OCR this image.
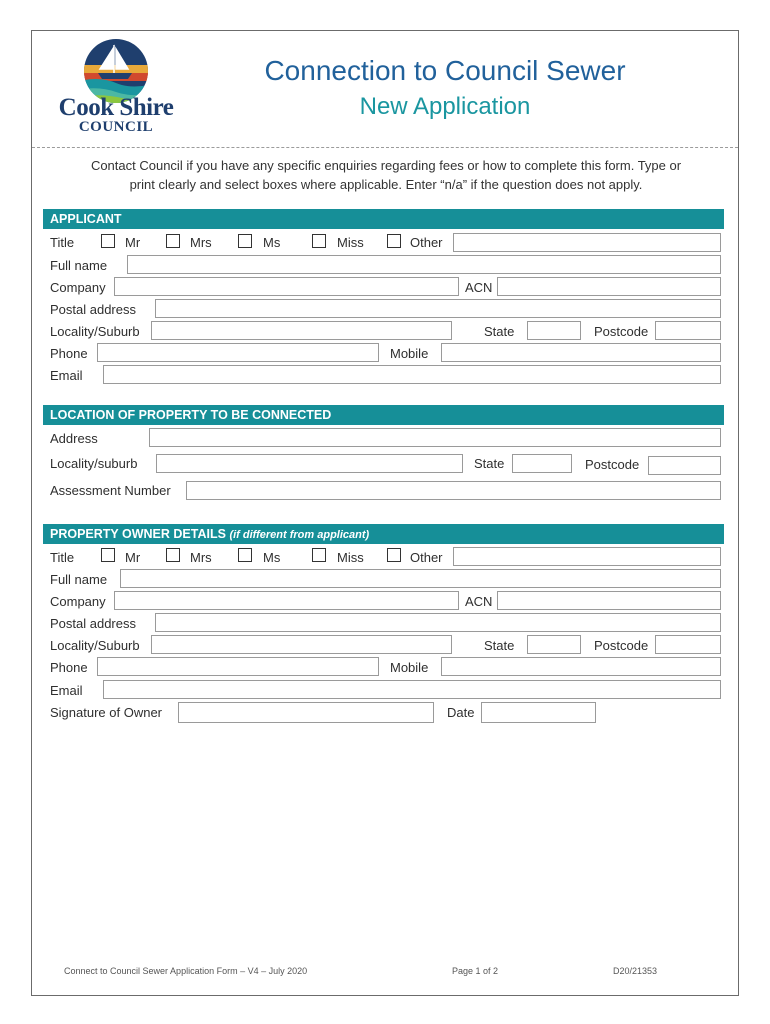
Cook Shire
COUNCIL
Connection to Council Sewer
New Application
Contact Council if you have any specific enquiries regarding fees or how to complete this form. Type or
print clearly and select boxes where applicable. Enter “n/a” if the question does not apply.
APPLICANT
Title	Mr	Mrs	Ms	Miss	Other
Full name
Company	ACN
Postal address
Locality/Suburb	State	Postcode
Phone	Mobile
Email
LOCATION OF PROPERTY TO BE CONNECTED
Address
Locality/suburb	State	Postcode
Assessment Number
PROPERTY OWNER DETAILS (if different from applicant)
Title	Mr	Mrs	Ms	Miss	Other
Full name
Company	ACN
Postal address
Locality/Suburb	State	Postcode
Phone	Mobile
Email
Signature of Owner	Date
Connect to Council Sewer Application Form – V4 – July 2020	Page 1 of 2	D20/21353
